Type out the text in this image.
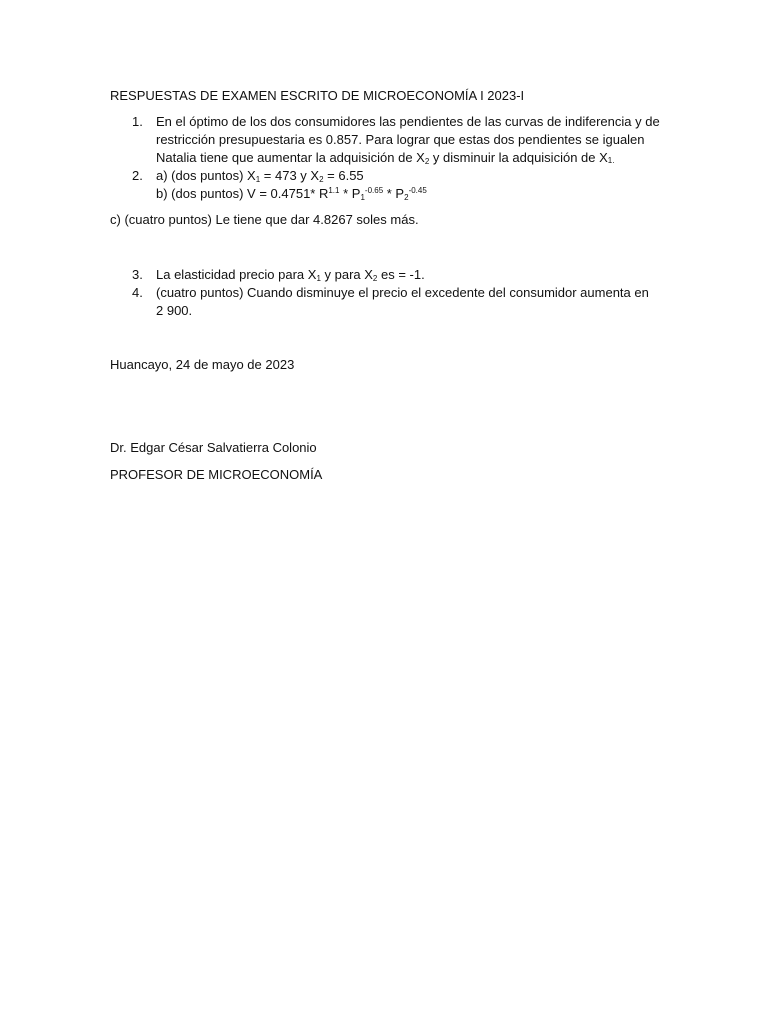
RESPUESTAS DE EXAMEN ESCRITO DE MICROECONOMÍA I 2023-I
1. En el óptimo de los dos consumidores las pendientes de las curvas de indiferencia y de
restricción presupuestaria es 0.857. Para lograr que estas dos pendientes se igualen
Natalia tiene que aumentar la adquisición de $X_2$ y disminuir la adquisición de X1.
2. a) (dos puntos) $X_1 = 473$ y $X_2 = 6.55$
b) (dos puntos) V = 0.4751* $R^{1.1} * P_1^{-0.65} * P_2^{-0.45}$
c) (cuatro puntos) Le tiene que dar 4.8267 soles más.
3. La elasticidad precio para $X_1$ y para $X_2$ es = -1.
4. (cuatro puntos) Cuando disminuye el precio el excedente del consumidor aumenta en
2 900.
Huancayo, 24 de mayo de 2023
Dr. Edgar César Salvatierra Colonio
PROFESOR DE MICROECONOMÍA
